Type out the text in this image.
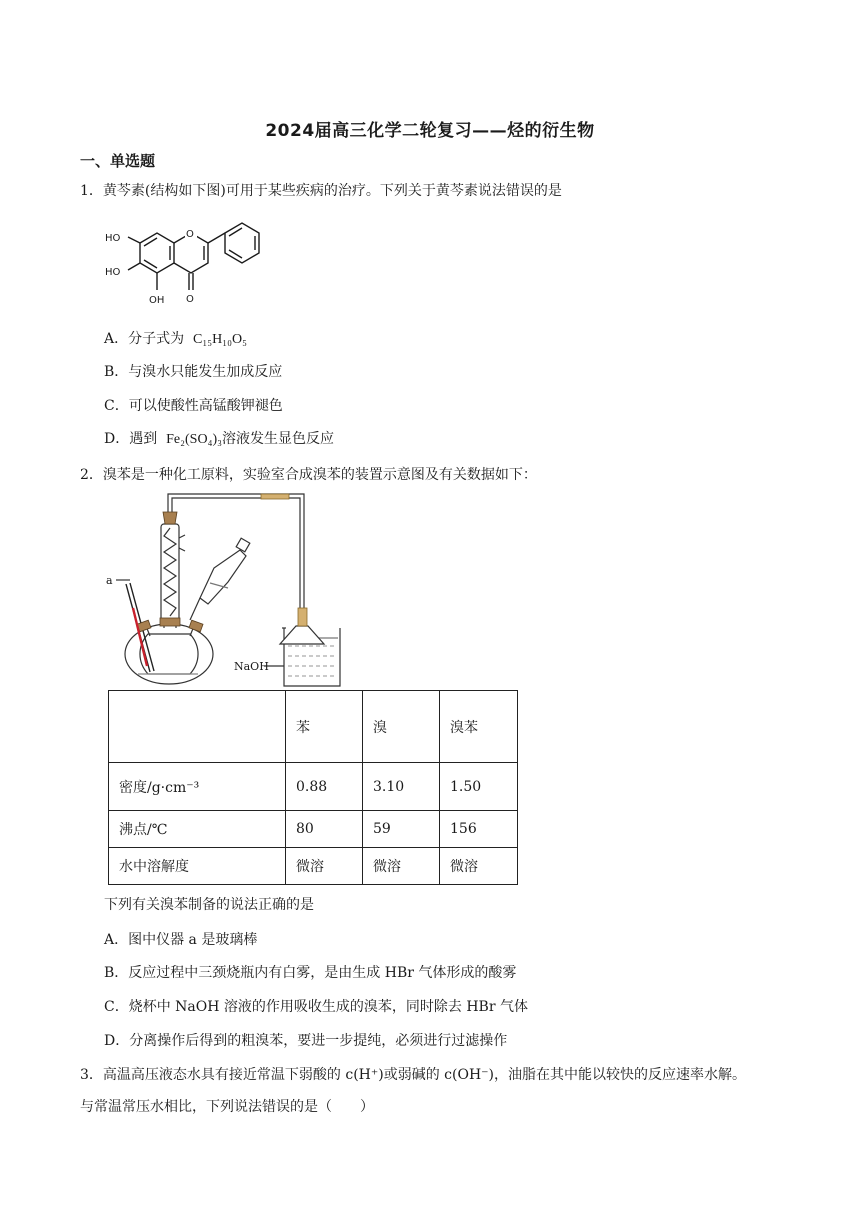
2024届高三化学二轮复习——烃的衍生物
一、单选题
1．黄芩素(结构如下图)可用于某些疾病的治疗。下列关于黄芩素说法错误的是
O
HO
HO
OH O
A．分子式为 C₁₅H₁₀O₅
B．与溴水只能发生加成反应
C．可以使酸性高锰酸钾褪色
D．遇到 Fe₂(SO₄)₃溶液发生显色反应
2．溴苯是一种化工原料，实验室合成溴苯的装置示意图及有关数据如下：
a
NaOH
	苯	溴	溴苯
密度/g·cm⁻³	0.88	3.10	1.50
沸点/℃	80	59	156
水中溶解度	微溶	微溶	微溶
下列有关溴苯制备的说法正确的是
A．图中仪器 a 是玻璃棒
B．反应过程中三颈烧瓶内有白雾，是由生成 HBr 气体形成的酸雾
C．烧杯中 NaOH 溶液的作用吸收生成的溴苯，同时除去 HBr 气体
D．分离操作后得到的粗溴苯，要进一步提纯，必须进行过滤操作
3．高温高压液态水具有接近常温下弱酸的 c(H⁺)或弱碱的 c(OH⁻)，油脂在其中能以较快的反应速率水解。
与常温常压水相比，下列说法错误的是（　　）
